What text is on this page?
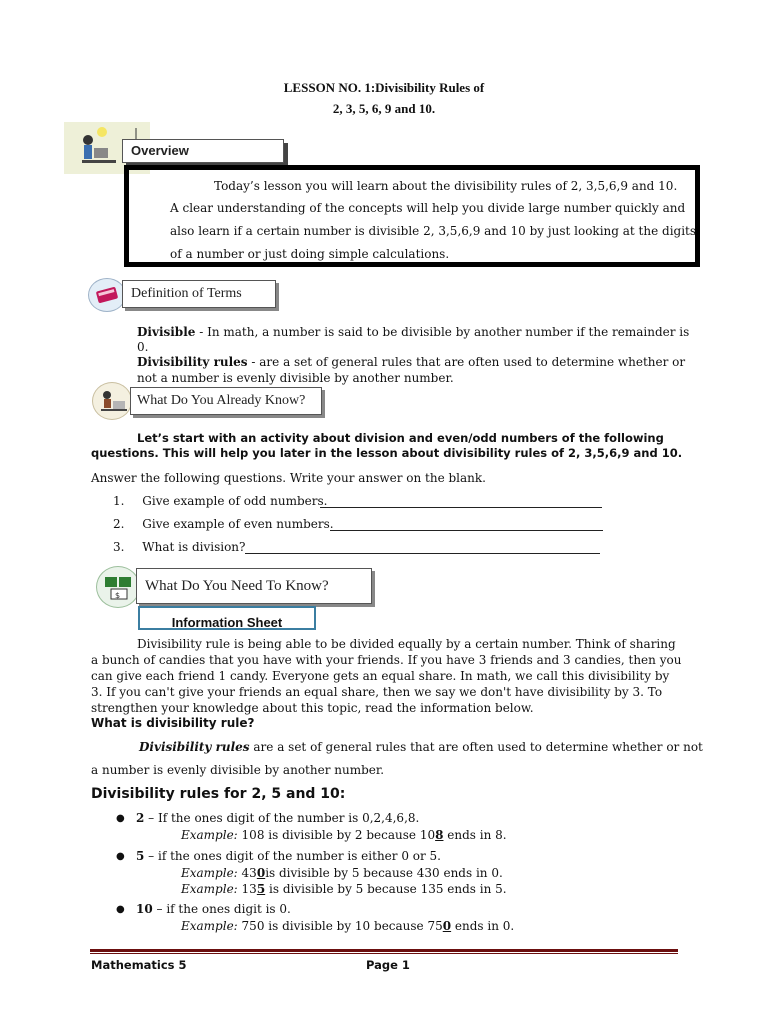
LESSON NO. 1:Divisibility Rules of
2, 3, 5, 6, 9 and 10.
Overview
Today’s lesson you will learn about the divisibility rules of 2, 3,5,6,9 and 10.
A clear understanding of the concepts will help you divide large number quickly and
also learn if a certain number is divisible 2, 3,5,6,9 and 10 by just looking at the digits
of a number or just doing simple calculations.
Definition of Terms
Divisible - In math, a number is said to be divisible by another number if the remainder is
0.
Divisibility rules - are a set of general rules that are often used to determine whether or
not a number is evenly divisible by another number.
What Do You Already Know?
Let’s start with an activity about division and even/odd numbers of the following
questions. This will help you later in the lesson about divisibility rules of 2, 3,5,6,9 and 10.
Answer the following questions. Write your answer on the blank.
1. Give example of odd numbers.
2. Give example of even numbers.
3. What is division?
$
What Do You Need To Know?
Information Sheet
Divisibility rule is being able to be divided equally by a certain number. Think of sharing
a bunch of candies that you have with your friends. If you have 3 friends and 3 candies, then you
can give each friend 1 candy. Everyone gets an equal share. In math, we call this divisibility by
3. If you can't give your friends an equal share, then we say we don't have divisibility by 3. To
strengthen your knowledge about this topic, read the information below.
What is divisibility rule?
Divisibility rules are a set of general rules that are often used to determine whether or not
a number is evenly divisible by another number.
Divisibility rules for 2, 5 and 10:
● 2 – If the ones digit of the number is 0,2,4,6,8.
Example: 108 is divisible by 2 because 108 ends in 8.
● 5 – if the ones digit of the number is either 0 or 5.
Example: 430is divisible by 5 because 430 ends in 0.
Example: 135 is divisible by 5 because 135 ends in 5.
● 10 – if the ones digit is 0.
Example: 750 is divisible by 10 because 750 ends in 0.
Mathematics 5	Page 1
